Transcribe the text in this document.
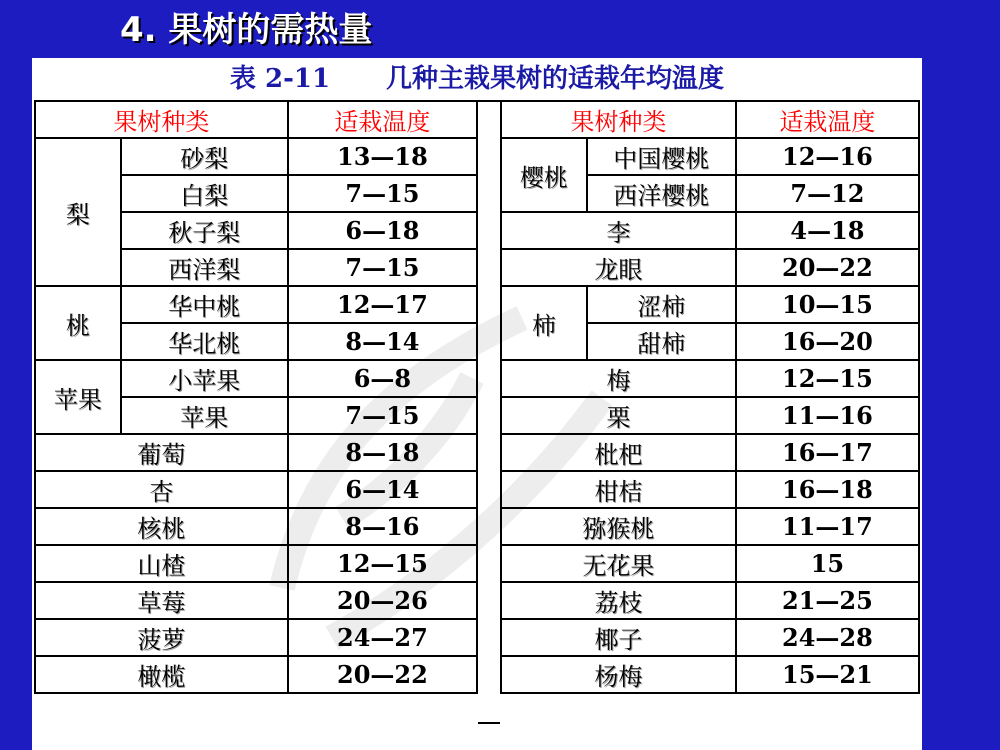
4. 果树的需热量
表 2-11 几种主栽果树的适栽年均温度
果树种类		适栽温度
梨	砂梨	13—18
	白梨	7—15
	秋子梨	6—18
	西洋梨	7—15
桃	华中桃	12—17
	华北桃	8—14
苹果	小苹果	6—8
	苹果	7—15
葡萄		8—18
杏		6—14
核桃		8—16
山楂		12—15
草莓		20—26
菠萝		24—27
橄榄		20—22
果树种类		适栽温度
樱桃	中国樱桃	12—16
	西洋樱桃	7—12
李		4—18
龙眼		20—22
柿	涩柿	10—15
	甜柿	16—20
梅		12—15
栗		11—16
枇杷		16—17
柑桔		16—18
猕猴桃		11—17
无花果		15
荔枝		21—25
椰子		24—28
杨梅		15—21
